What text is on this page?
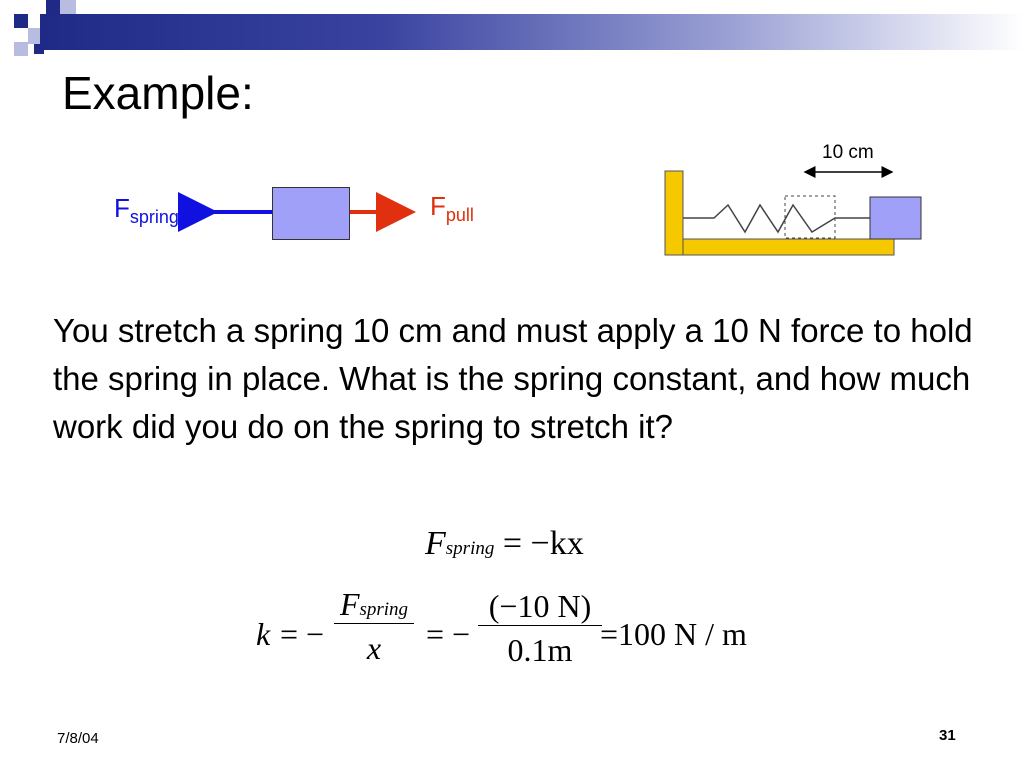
Example:
$F_{spring}$	$F_{pull}$
10 cm

You stretch a spring 10 cm and must apply a 10 N force to hold the spring in place. What is the spring constant, and how much work did you do on the spring to stretch it?

Fspring = −kx
k = −
Fspring
x	= − $\frac{(-10 N)}{0.1m}$
=100 N / m
7/8/04	31
